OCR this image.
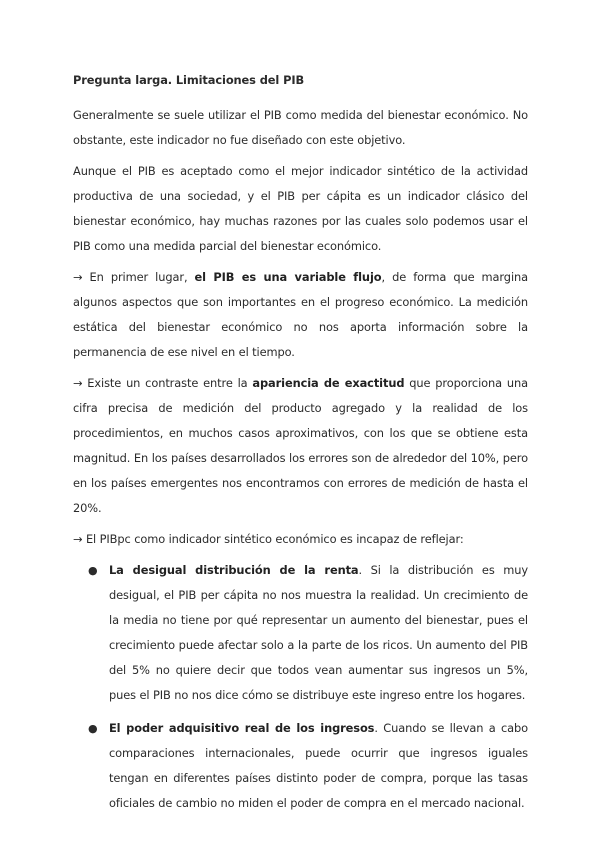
Pregunta larga. Limitaciones del PIB

Generalmente se suele utilizar el PIB como medida del bienestar económico. No obstante, este indicador no fue diseñado con este objetivo.

Aunque el PIB es aceptado como el mejor indicador sintético de la actividad productiva de una sociedad, y el PIB per cápita es un indicador clásico del bienestar económico, hay muchas razones por las cuales solo podemos usar el PIB como una medida parcial del bienestar económico.

→ En primer lugar, el PIB es una variable flujo, de forma que margina algunos aspectos que son importantes en el progreso económico. La medición estática del bienestar económico no nos aporta información sobre la permanencia de ese nivel en el tiempo.

→ Existe un contraste entre la apariencia de exactitud que proporciona una cifra precisa de medición del producto agregado y la realidad de los procedimientos, en muchos casos aproximativos, con los que se obtiene esta magnitud. En los países desarrollados los errores son de alrededor del 10%, pero en los países emergentes nos encontramos con errores de medición de hasta el 20%.

→ El PIBpc como indicador sintético económico es incapaz de reflejar:

● La desigual distribución de la renta. Si la distribución es muy desigual, el PIB per cápita no nos muestra la realidad. Un crecimiento de la media no tiene por qué representar un aumento del bienestar, pues el crecimiento puede afectar solo a la parte de los ricos. Un aumento del PIB del 5% no quiere decir que todos vean aumentar sus ingresos un 5%, pues el PIB no nos dice cómo se distribuye este ingreso entre los hogares.
● El poder adquisitivo real de los ingresos. Cuando se llevan a cabo comparaciones internacionales, puede ocurrir que ingresos iguales tengan en diferentes países distinto poder de compra, porque las tasas oficiales de cambio no miden el poder de compra en el mercado nacional.
